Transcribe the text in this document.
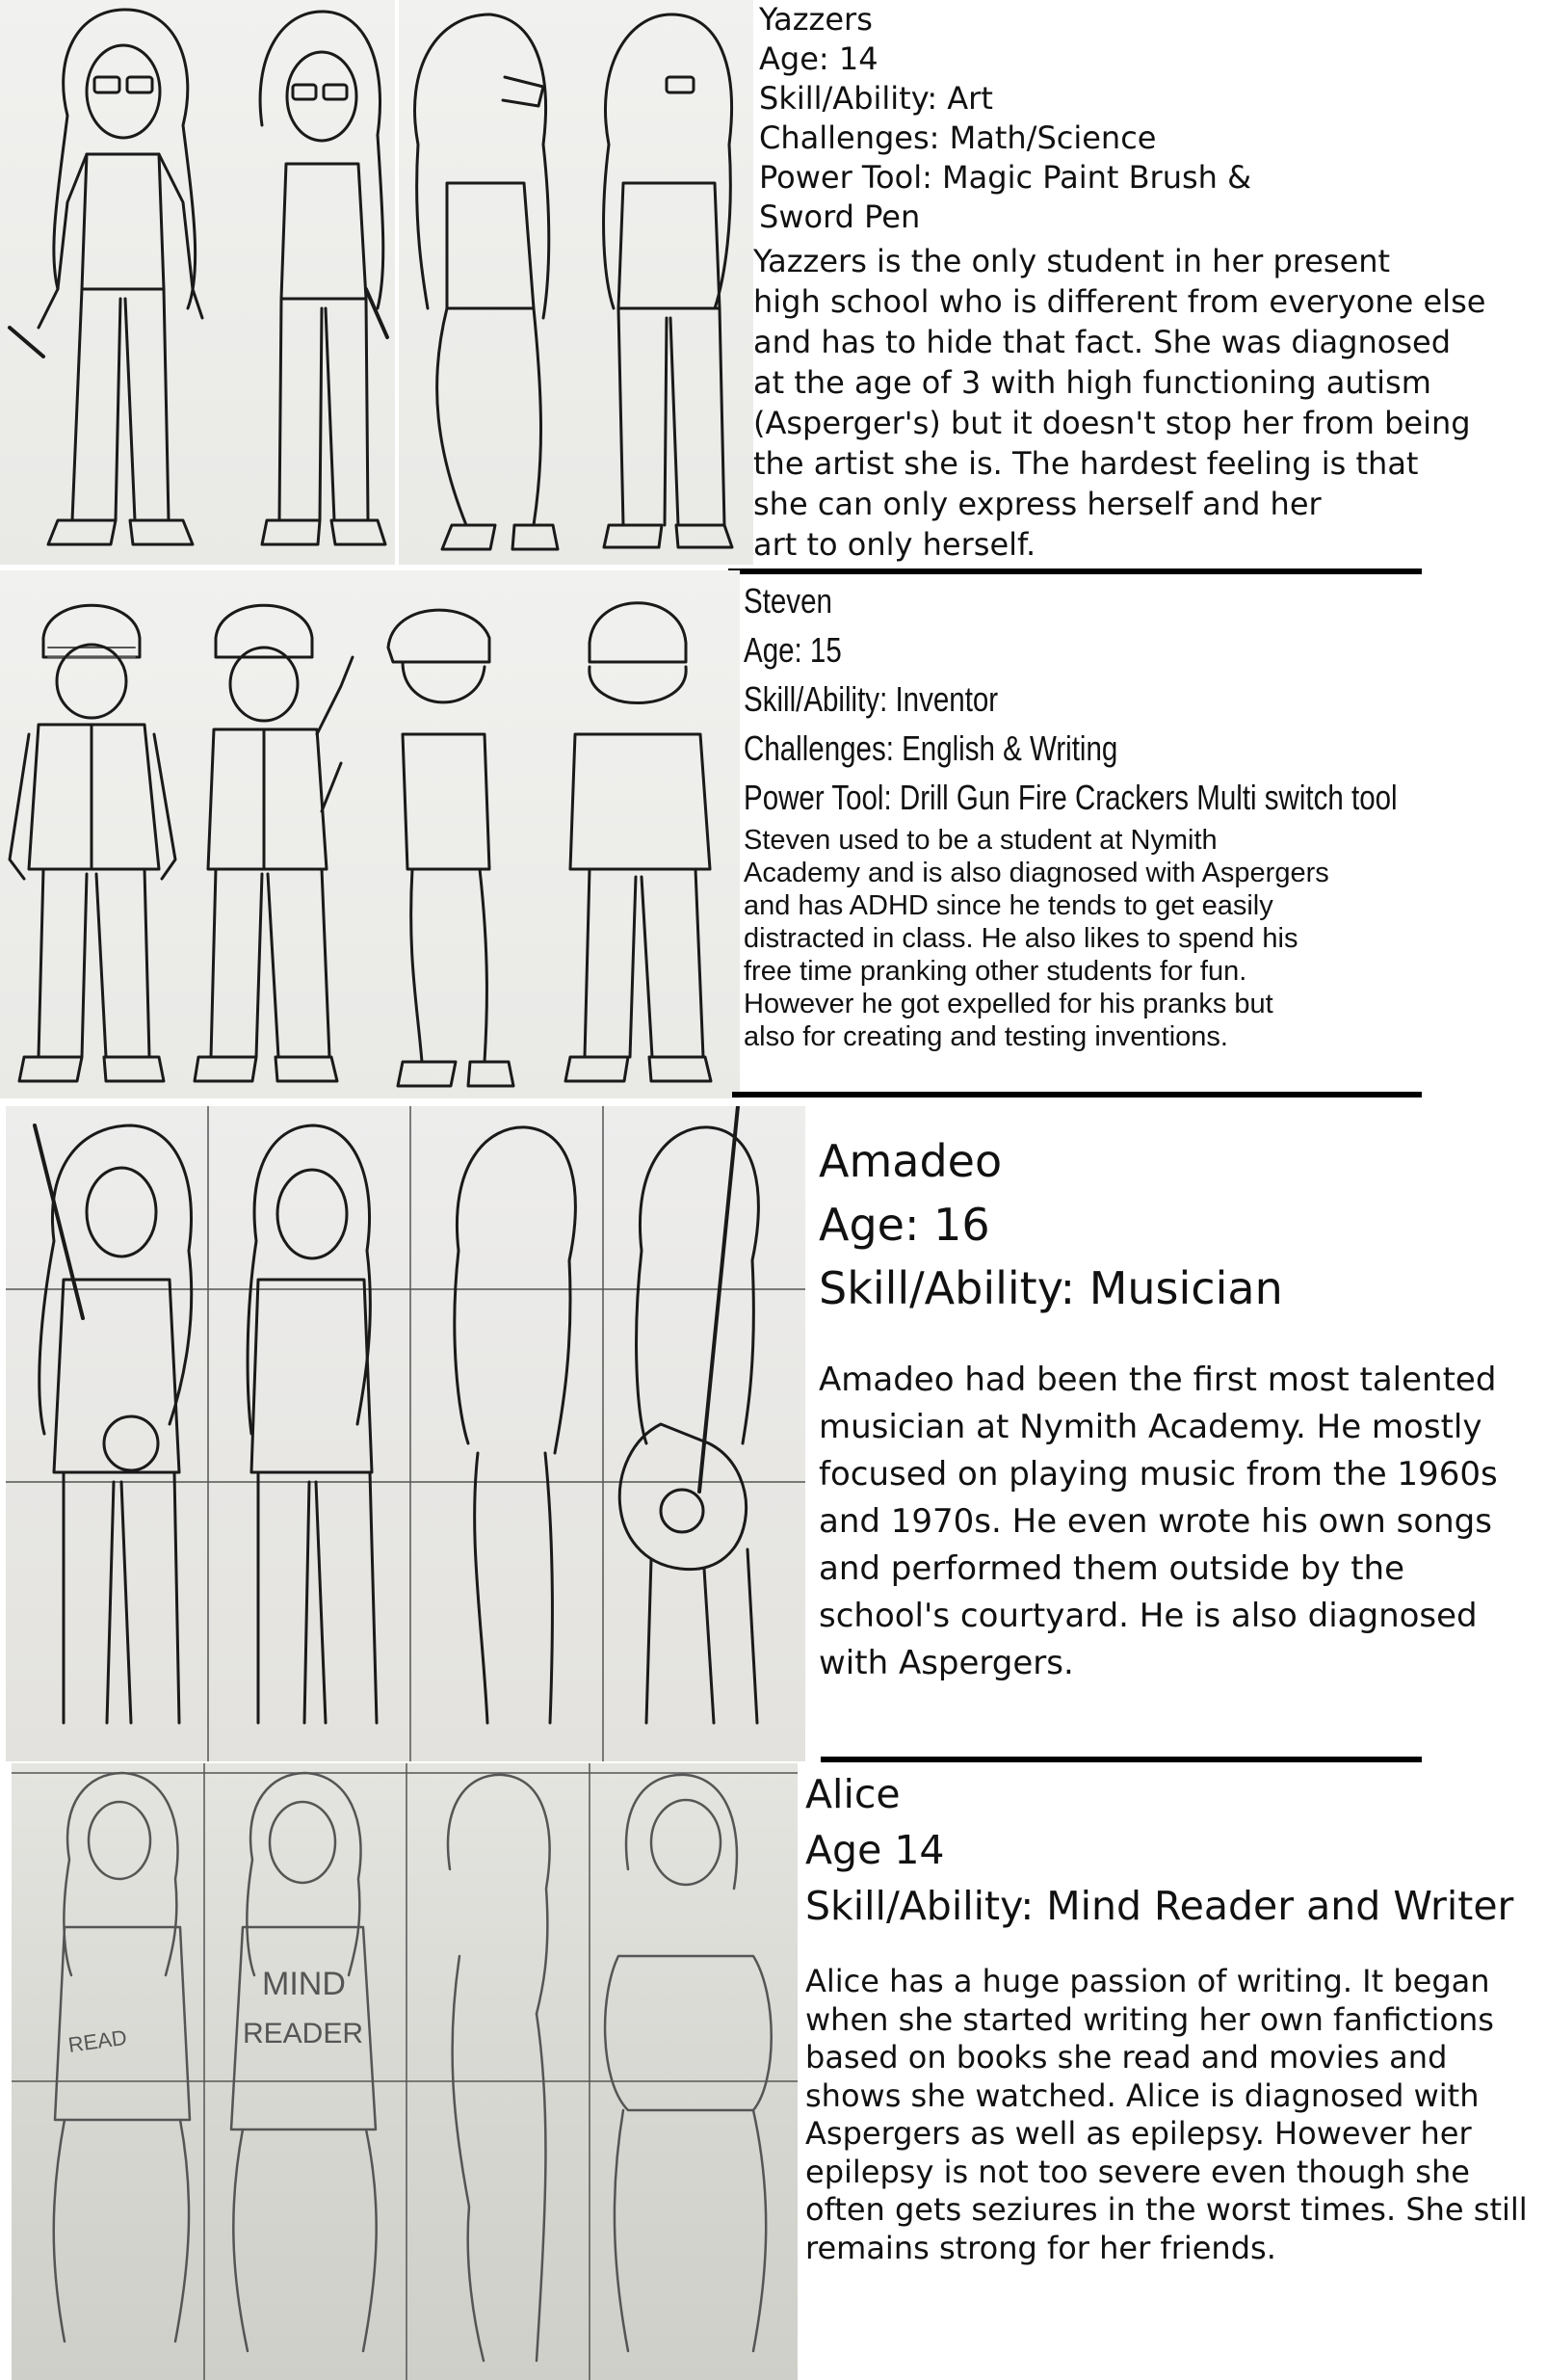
Yazzers
Age: 14
Skill/Ability: Art
Challenges: Math/Science
Power Tool: Magic Paint Brush &
Sword Pen
Yazzers is the only student in her present
high school who is different from everyone else
and has to hide that fact. She was diagnosed
at the age of 3 with high functioning autism
(Asperger's) but it doesn't stop her from being
the artist she is. The hardest feeling is that
she can only express herself and her
art to only herself.
Steven
Age: 15
Skill/Ability: Inventor
Challenges: English & Writing
Power Tool: Drill Gun Fire Crackers Multi switch tool
Steven used to be a student at Nymith
Academy and is also diagnosed with Aspergers
and has ADHD since he tends to get easily
distracted in class. He also likes to spend his
free time pranking other students for fun.
However he got expelled for his pranks but
also for creating and testing inventions.
Amadeo
Age: 16
Skill/Ability: Musician
Amadeo had been the first most talented
musician at Nymith Academy. He mostly
focused on playing music from the 1960s
and 1970s. He even wrote his own songs
and performed them outside by the
school's courtyard. He is also diagnosed
with Aspergers.
READ
MIND
READER
Alice
Age 14
Skill/Ability: Mind Reader and Writer
Alice has a huge passion of writing. It began
when she started writing her own fanfictions
based on books she read and movies and
shows she watched. Alice is diagnosed with
Aspergers as well as epilepsy. However her
epilepsy is not too severe even though she
often gets seziures in the worst times. She still
remains strong for her friends.
